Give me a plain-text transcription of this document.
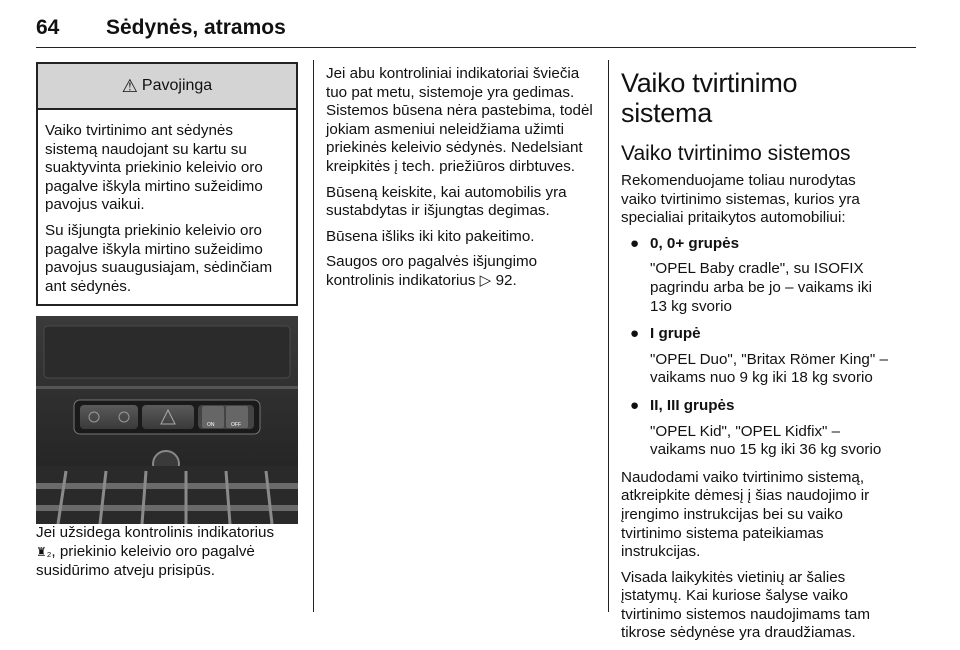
64 Sėdynės, atramos
⚠ Pavojinga

Vaiko tvirtinimo ant sėdynės sistemą naudojant su kartu su suaktyvinta priekinio keleivio oro pagalve iškyla mirtino sužeidimo pavojus vaikui.

Su išjungta priekinio keleivio oro pagalve iškyla mirtino sužeidimo pavojus suaugusiajam, sėdinčiam ant sėdynės.

ON	OFF

Jei užsidega kontrolinis indikatorius
♜₂, priekinio keleivio oro pagalvė susidūrimo atveju prisipūs.

Jei abu kontroliniai indikatoriai šviečia tuo pat metu, sistemoje yra gedimas. Sistemos būsena nėra pastebima, todėl jokiam asmeniui neleidžiama užimti priekinės keleivio sėdynės. Nedelsiant kreipkitės į tech. priežiūros dirbtuves.

Būseną keiskite, kai automobilis yra sustabdytas ir išjungtas degimas.

Būsena išliks iki kito pakeitimo.

Saugos oro pagalvės išjungimo kontrolinis indikatorius ▷ 92.

Vaiko tvirtinimo sistema
Vaiko tvirtinimo sistemos

Rekomenduojame toliau nurodytas vaiko tvirtinimo sistemas, kurios yra specialiai pritaikytos automobiliui:

● 0, 0+ grupės
"OPEL Baby cradle", su ISOFIX pagrindu arba be jo – vaikams iki 13 kg svorio
● I grupė
"OPEL Duo", "Britax Römer King" – vaikams nuo 9 kg iki 18 kg svorio
● II, III grupės
"OPEL Kid", "OPEL Kidfix" – vaikams nuo 15 kg iki 36 kg svorio

Naudodami vaiko tvirtinimo sistemą, atkreipkite dėmesį į šias naudojimo ir įrengimo instrukcijas bei su vaiko tvirtinimo sistema pateikiamas instrukcijas.

Visada laikykitės vietinių ar šalies įstatymų. Kai kuriose šalyse vaiko tvirtinimo sistemos naudojimams tam tikrose sėdynėse yra draudžiamas.
